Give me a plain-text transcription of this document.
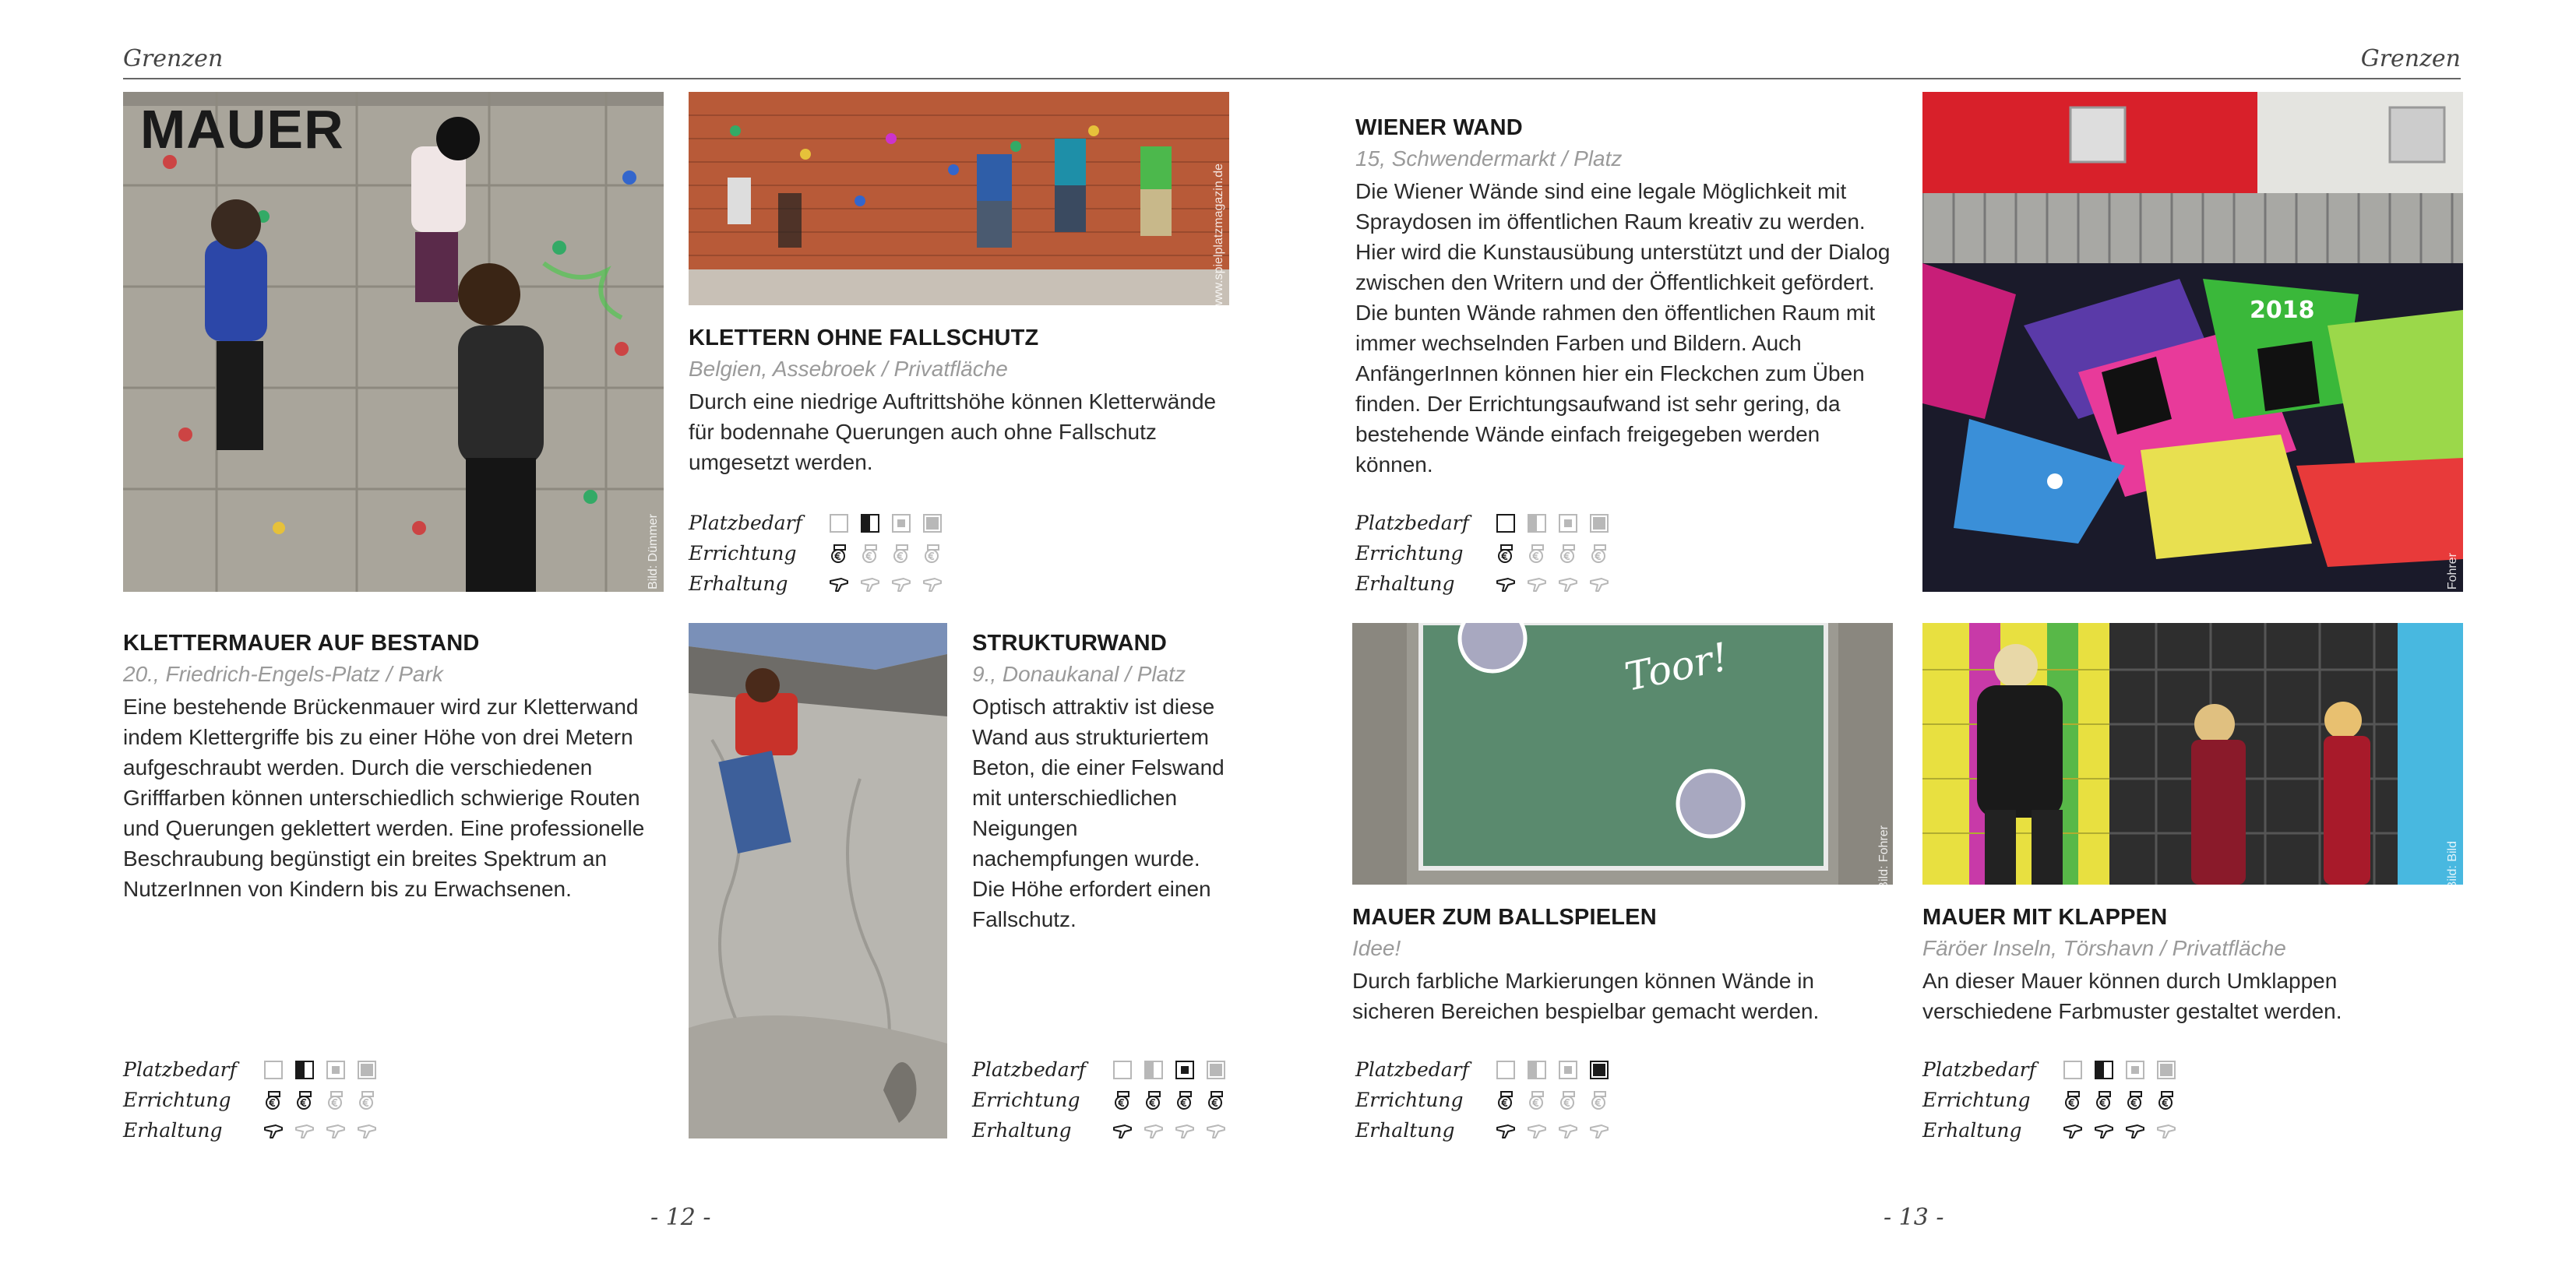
Grenzen	Grenzen
MAUER
Bild: Dümmer
Bild: www.spielplatzmagazin.de
KLETTERN OHNE FALLSCHUTZ
Belgien, Assebroek / Privatfläche
Durch eine niedrige Auftrittshöhe können Kletterwände für bodennahe Querungen auch ohne Fallschutz umgesetzt werden.
Platzbedarf
Errichtung
Erhaltung
KLETTERMAUER AUF BESTAND
20., Friedrich-Engels-Platz / Park
Eine bestehende Brückenmauer wird zur Kletterwand indem Klettergriffe bis zu einer Höhe von drei Metern aufgeschraubt werden. Durch die verschiedenen Grifffarben können unterschiedlich schwierige Routen und Querungen geklettert werden. Eine professionelle Beschraubung begünstigt ein breites Spektrum an NutzerInnen von Kindern bis zu Erwachsenen.
Platzbedarf
Errichtung
Erhaltung
STRUKTURWAND
9., Donaukanal / Platz
Optisch attraktiv ist diese Wand aus strukturiertem Beton, die einer Felswand mit unterschiedlichen Neigungen nachempfungen wurde. Die Höhe erfordert einen Fallschutz.
Platzbedarf
Errichtung
Erhaltung
- 12 -
WIENER WAND
15, Schwendermarkt / Platz
Die Wiener Wände sind eine legale Möglichkeit mit Spraydosen im öffentlichen Raum kreativ zu werden. Hier wird die Kunstausübung unterstützt und der Dialog zwischen den Writern und der Öffentlichkeit gefördert. Die bunten Wände rahmen den öffentlichen Raum mit immer wechselnden Farben und Bildern. Auch AnfängerInnen können hier ein Fleckchen zum Üben finden. Der Errichtungsaufwand ist sehr gering, da bestehende Wände einfach freigegeben werden können.
Platzbedarf
Errichtung
Erhaltung
2018
Bild: Fohrer
Toor!
Bild: Fohrer	Bild: Bild
MAUER ZUM BALLSPIELEN
Idee!
Durch farbliche Markierungen können Wände in sicheren Bereichen bespielbar gemacht werden.
Platzbedarf
Errichtung
Erhaltung
MAUER MIT KLAPPEN
Färöer Inseln, Törshavn / Privatfläche
An dieser Mauer können durch Umklappen verschiedene Farbmuster gestaltet werden.
Platzbedarf
Errichtung
Erhaltung
- 13 -
